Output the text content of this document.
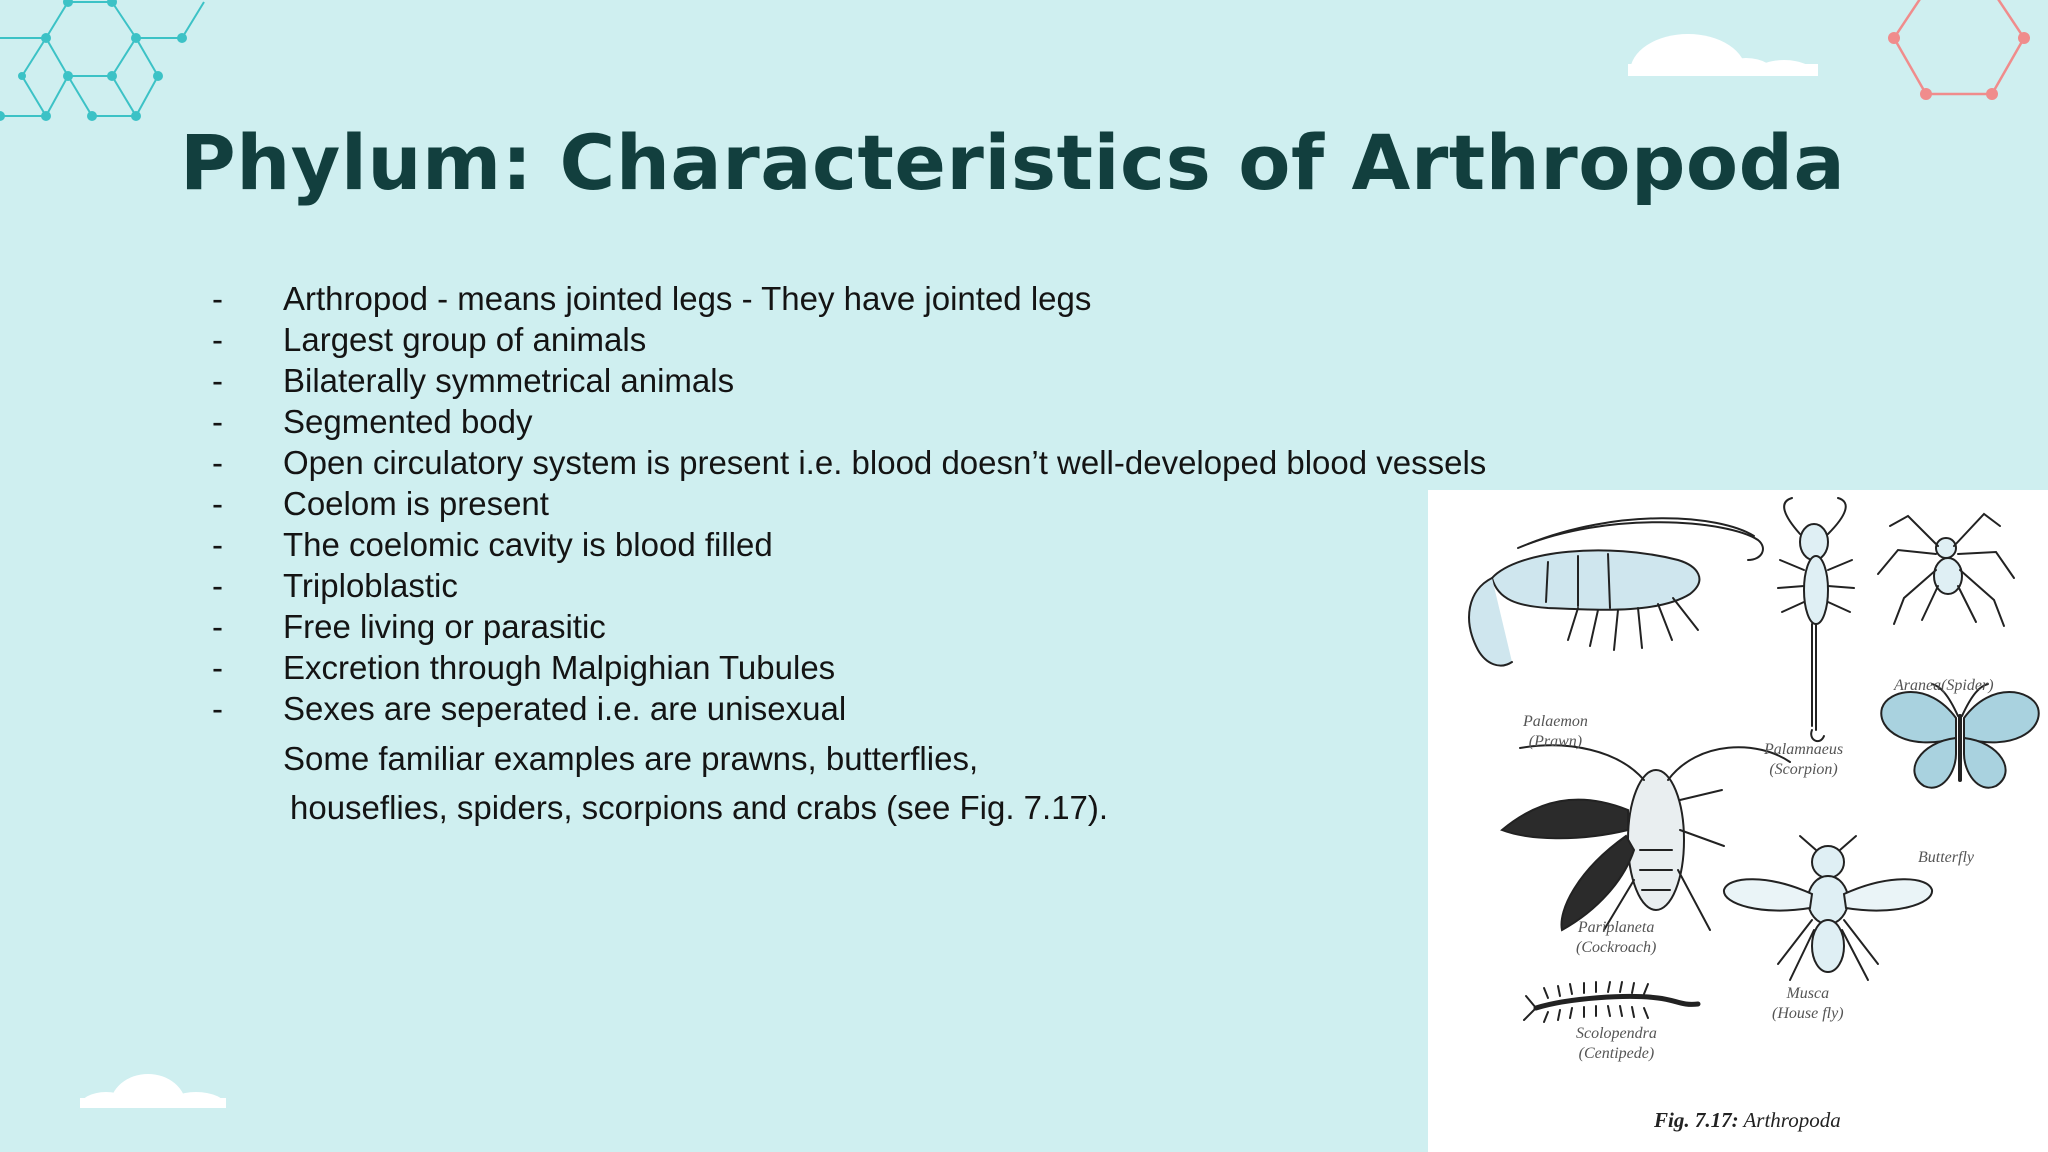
Phylum: Characteristics of Arthropoda
-	Arthropod - means jointed legs - They have jointed legs
-	Largest group of animals
-	Bilaterally symmetrical animals
-	Segmented body
-	Open circulatory system is present i.e. blood doesn’t well-developed blood vessels
-	Coelom is present
-	The coelomic cavity is blood filled
-	Triploblastic
-	Free living or parasitic
-	Excretion through Malpighian Tubules
-	Sexes are seperated i.e. are unisexual
Some familiar examples are prawns, butterflies,
houseflies, spiders, scorpions and crabs (see Fig. 7.17).
Palaemon
(Prawn)	Palamnaeus
(Scorpion)
Aranea(Spider)
Butterfly
Pariplaneta
(Cockroach)
Musca
(House fly)
Scolopendra
(Centipede)
Fig. 7.17: Arthropoda
